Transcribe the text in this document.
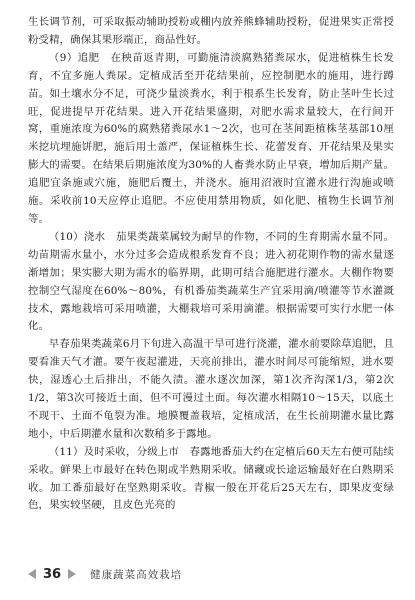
生长调节剂，可采取振动辅助授粉或棚内放养熊蜂辅助授粉，促进果实正常授粉受精，确保其果形端正，商品性好。

（9）追肥　在秧苗返青期，可勤施清淡腐熟猪粪尿水，促进植株生长发育，不宜多施人粪尿。定植成活至开花结果前，应控制肥水的施用，进行蹲苗。如土壤水分不足，可浇少量淡粪水，利于根系生长发育，防止茎叶生长过旺，促进提早开花结果。进入开花结果盛期，对肥水需求量较大，在行间开窝，重施浓度为60%的腐熟猪粪尿水1～2次，也可在茎间距植株茎基部10厘米挖坑埋施饼肥，施后用土盖严，保证植株生长、花蕾发育、开花结果及果实膨大的需要。在结果后期施浓度为30%的人畜粪水防止早衰，增加后期产量。追肥宜条施或穴施，施肥后覆土，并浇水。施用沼液时宜灌水进行沟施或喷施。采收前10天应停止追肥。不应使用禁用物质，如化肥、植物生长调节剂等。

（10）浇水　茄果类蔬菜属较为耐旱的作物，不同的生育期需水量不同。幼苗期需水量小，水分过多会造成根系发育不良；进入初花期作物的需水量逐渐增加；果实膨大期为需水的临界期，此期可结合施肥进行灌水。大棚作物要控制空气湿度在60%～80%，有机番茄类蔬菜生产宜采用滴/喷灌等节水灌溉技术，露地栽培可采用喷灌，大棚栽培可采用滴灌。根据需要可实行水肥一体化。

早春茄果类蔬菜6月下旬进入高温干旱可进行浇灌，灌水前要除草追肥，且要看准天气才灌。要午夜起灌进，天亮前排出，灌水时间尽可能缩短，进水要快，湿透心土后排出，不能久渍。灌水逐次加深，第1次齐沟深1/3，第2次1/2，第3次可接近土面，但不可漫过土面。每次灌水相隔10～15天，以底土不现干、土面不龟裂为准。地膜覆盖栽培，定植成活，在生长前期灌水量比露地小，中后期灌水量和次数稍多于露地。

（11）及时采收，分级上市　春露地番茄大约在定植后60天左右便可陆续采收。鲜果上市最好在转色期或半熟期采收。储藏或长途运输最好在白熟期采收。加工番茄最好在坚熟期采收。青椒一般在开花后25天左右，即果皮变绿色，果实较坚硬，且皮色光亮的

36	健康蔬菜高效栽培
